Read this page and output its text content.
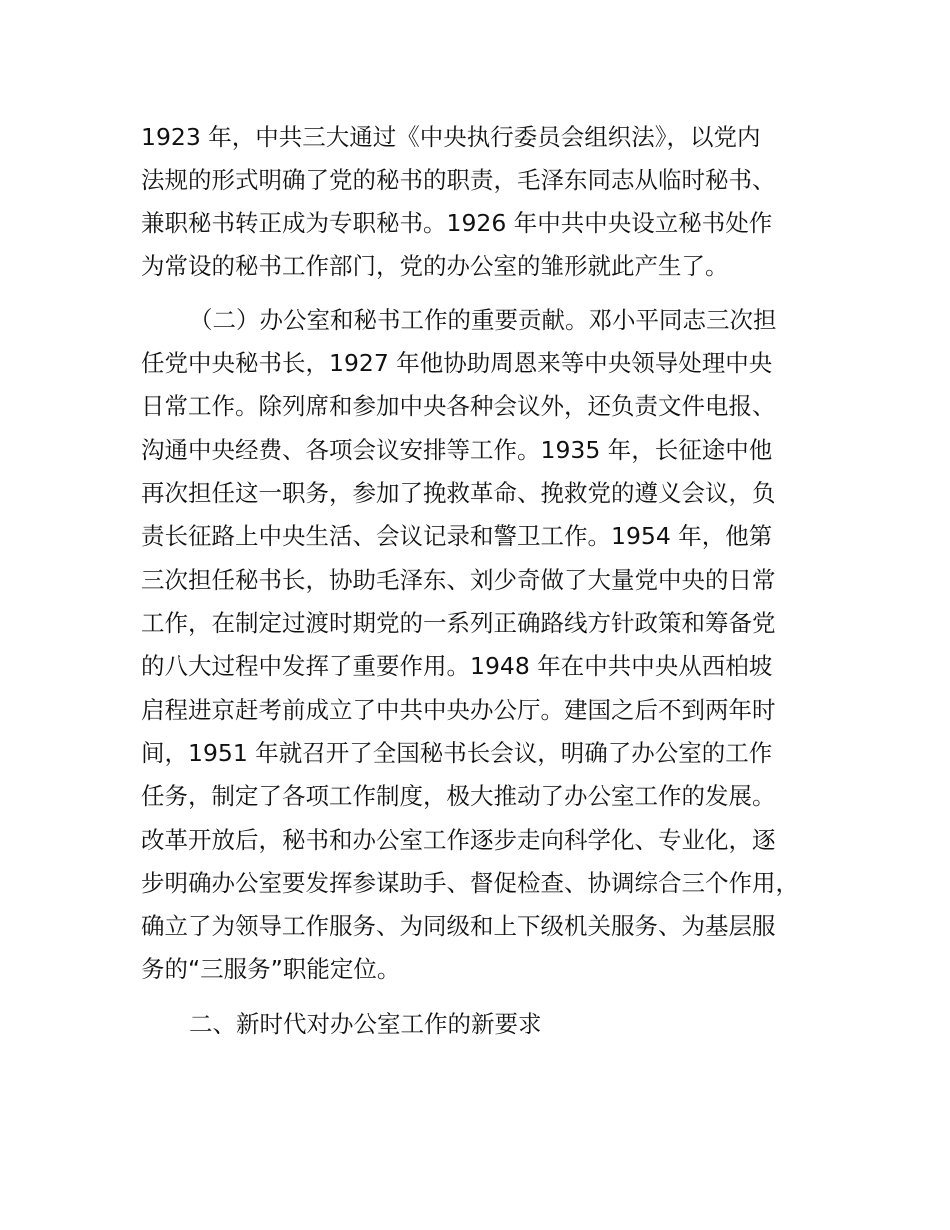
1923 年，中共三大通过《中央执行委员会组织法》，以党内
法规的形式明确了党的秘书的职责，毛泽东同志从临时秘书、
兼职秘书转正成为专职秘书。1926 年中共中央设立秘书处作
为常设的秘书工作部门，党的办公室的雏形就此产生了。
（二）办公室和秘书工作的重要贡献。邓小平同志三次担
任党中央秘书长，1927 年他协助周恩来等中央领导处理中央
日常工作。除列席和参加中央各种会议外，还负责文件电报、
沟通中央经费、各项会议安排等工作。1935 年，长征途中他
再次担任这一职务，参加了挽救革命、挽救党的遵义会议，负
责长征路上中央生活、会议记录和警卫工作。1954 年，他第
三次担任秘书长，协助毛泽东、刘少奇做了大量党中央的日常
工作，在制定过渡时期党的一系列正确路线方针政策和筹备党
的八大过程中发挥了重要作用。1948 年在中共中央从西柏坡
启程进京赶考前成立了中共中央办公厅。建国之后不到两年时
间，1951 年就召开了全国秘书长会议，明确了办公室的工作
任务，制定了各项工作制度，极大推动了办公室工作的发展。
改革开放后，秘书和办公室工作逐步走向科学化、专业化，逐
步明确办公室要发挥参谋助手、督促检查、协调综合三个作用，
确立了为领导工作服务、为同级和上下级机关服务、为基层服
务的“三服务”职能定位。
二、新时代对办公室工作的新要求
